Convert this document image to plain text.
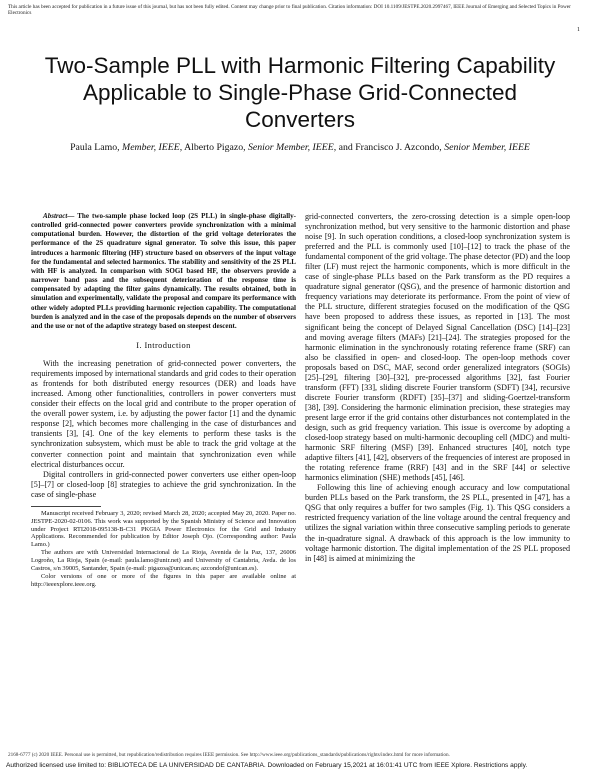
This article has been accepted for publication in a future issue of this journal, but has not been fully edited. Content may change prior to final publication. Citation information: DOI 10.1109/JESTPE.2020.2997467, IEEE Journal of Emerging and Selected Topics in Power Electronics
1
Two-Sample PLL with Harmonic Filtering Capability Applicable to Single-Phase Grid-Connected Converters
Paula Lamo, Member, IEEE, Alberto Pigazo, Senior Member, IEEE, and Francisco J. Azcondo, Senior Member, IEEE

Abstract— The two-sample phase locked loop (2S PLL) in single-phase digitally-controlled grid-connected power converters provide synchronization with a minimal computational burden. However, the distortion of the grid voltage deteriorates the performance of the 2S quadrature signal generator. To solve this issue, this paper introduces a harmonic filtering (HF) structure based on observers of the input voltage for the fundamental and selected harmonics. The stability and sensitivity of the 2S PLL with HF is analyzed. In comparison with SOGI based HF, the observers provide a narrower band pass and the subsequent deterioration of the response time is compensated by adapting the filter gains dynamically. The results obtained, both in simulation and experimentally, validate the proposal and compare its performance with other widely adopted PLLs providing harmonic rejection capability. The computational burden is analyzed and in the case of the proposals depends on the number of observers and the use or not of the adaptive strategy based on steepest descent.

I. Introduction

With the increasing penetration of grid-connected power converters, the requirements imposed by international standards and grid codes to their operation as frontends for both distributed energy resources (DER) and loads have increased. Among other functionalities, controllers in power converters must consider their effects on the local grid and contribute to the proper operation of the overall power system, i.e. by adjusting the power factor [1] and the dynamic response [2], which becomes more challenging in the case of disturbances and transients [3], [4]. One of the key elements to perform these tasks is the synchronization subsystem, which must be able to track the grid voltage at the converter connection point and maintain that synchronization even while electrical disturbances occur.

Digital controllers in grid-connected power converters use either open-loop [5]–[7] or closed-loop [8] strategies to achieve the grid synchronization. In the case of single-phase

Manuscript received February 3, 2020; revised March 28, 2020; accepted May 20, 2020. Paper no. JESTPE-2020-02-0106. This work was supported by the Spanish Ministry of Science and Innovation under Project RTI2018-095138-B-C31 PKGIA Power Electronics for the Grid and Industry Applications. Recommended for publication by Editor Joseph Ojo. (Corresponding author: Paula Lamo.)

The authors are with Universidad Internacional de La Rioja, Avenida de la Paz, 137, 26006 Logroño, La Rioja, Spain (e-mail: paula.lamo@unir.net) and University of Cantabria, Avda. de los Castros, s/n 39005, Santander, Spain (e-mail: pigazoa@unican.es; azcondof@unican.es).

Color versions of one or more of the figures in this paper are available online at http://ieeexplore.ieee.org.

grid-connected converters, the zero-crossing detection is a simple open-loop synchronization method, but very sensitive to the harmonic distortion and phase noise [9]. In such operation conditions, a closed-loop synchronization system is preferred and the PLL is commonly used [10]–[12] to track the phase of the fundamental component of the grid voltage. The phase detector (PD) and the loop filter (LF) must reject the harmonic components, which is more difficult in the case of single-phase PLLs based on the Park transform as the PD requires a quadrature signal generator (QSG), and the presence of harmonic distortion and frequency variations may deteriorate its performance. From the point of view of the PLL structure, different strategies focused on the modification of the QSG have been proposed to address these issues, as reported in [13]. The most significant being the concept of Delayed Signal Cancellation (DSC) [14]–[23] and moving average filters (MAFs) [21]–[24]. The strategies proposed for the harmonic elimination in the synchronously rotating reference frame (SRF) can also be classified in open- and closed-loop. The open-loop methods cover proposals based on DSC, MAF, second order generalized integrators (SOGIs) [25]–[29], filtering [30]–[32], pre-processed algorithms [32], fast Fourier transform (FFT) [33], sliding discrete Fourier transform (SDFT) [34], recursive discrete Fourier transform (RDFT) [35]–[37] and sliding-Goertzel-transform [38], [39]. Considering the harmonic elimination precision, these strategies may present large error if the grid contains other disturbances not contemplated in the design, such as grid frequency variation. This issue is overcome by adopting a closed-loop strategy based on multi-harmonic decoupling cell (MDC) and multi-harmonic SRF filtering (MSF) [39]. Enhanced structures [40], notch type adaptive filters [41], [42], observers of the frequencies of interest are proposed in the rotating reference frame (RRF) [43] and in the SRF [44] or selective harmonics elimination (SHE) methods [45], [46].

Following this line of achieving enough accuracy and low computational burden PLLs based on the Park transform, the 2S PLL, presented in [47], has a QSG that only requires a buffer for two samples (Fig. 1). This QSG considers a restricted frequency variation of the line voltage around the central frequency and utilizes the signal variation within three consecutive sampling periods to generate the in-quadrature signal. A drawback of this approach is the low immunity to voltage harmonic distortion. The digital implementation of the 2S PLL proposed in [48] is aimed at minimizing the

2168-6777 (c) 2020 IEEE. Personal use is permitted, but republication/redistribution requires IEEE permission. See http://www.ieee.org/publications_standards/publications/rights/index.html for more information.
Authorized licensed use limited to: BIBLIOTECA DE LA UNIVERSIDAD DE CANTABRIA. Downloaded on February 15,2021 at 16:01:41 UTC from IEEE Xplore. Restrictions apply.
